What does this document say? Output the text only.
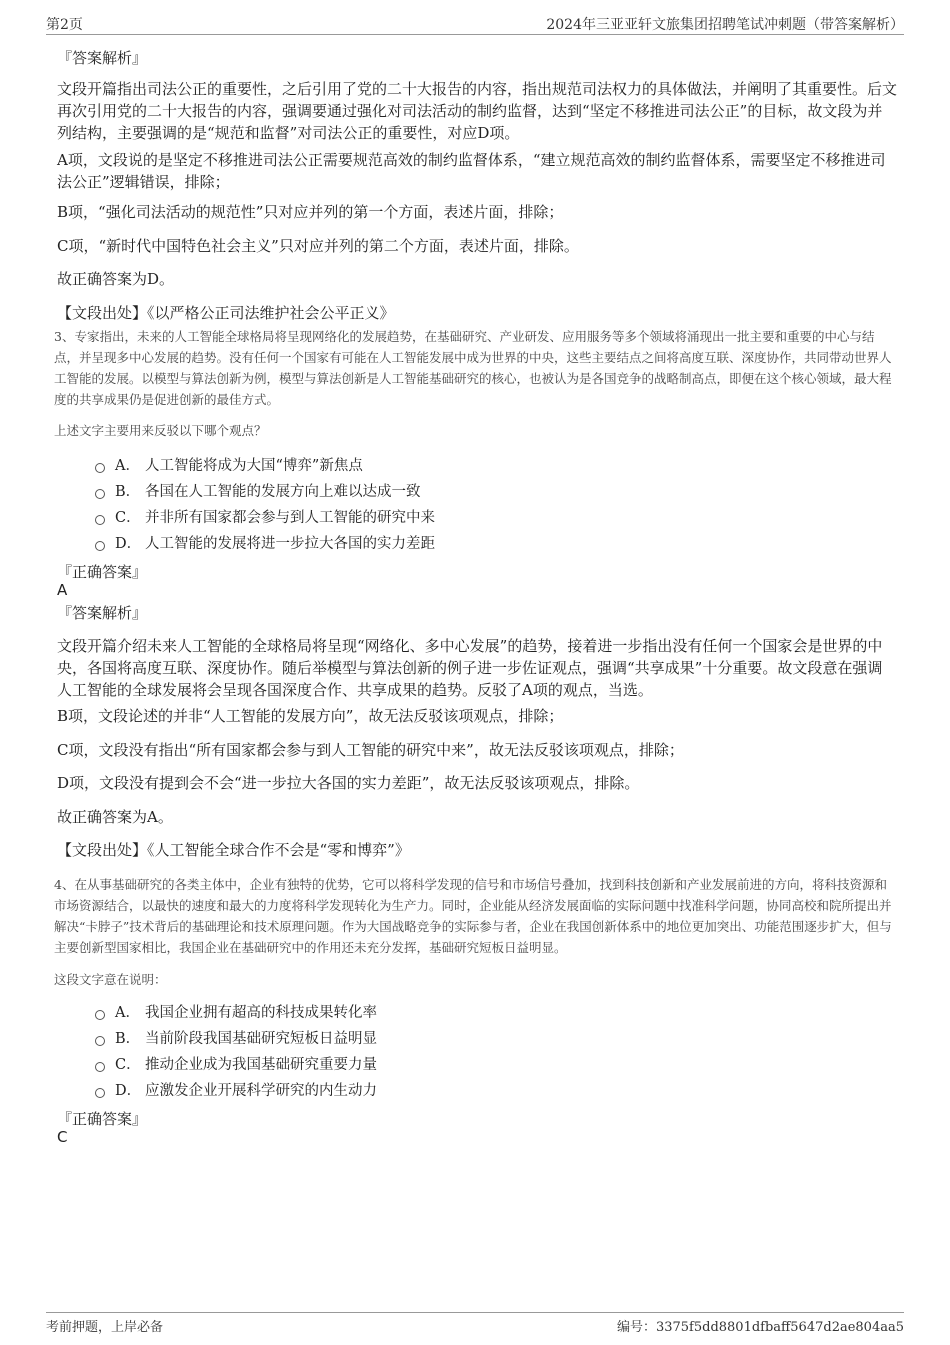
第2页	2024年三亚亚轩文旅集团招聘笔试冲刺题（带答案解析）
『答案解析』
文段开篇指出司法公正的重要性，之后引用了党的二十大报告的内容，指出规范司法权力的具体做法，并阐明了其重要性。后文再次引用党的二十大报告的内容，强调要通过强化对司法活动的制约监督，达到“坚定不移推进司法公正”的目标，故文段为并列结构，主要强调的是“规范和监督”对司法公正的重要性，对应D项。
A项，文段说的是坚定不移推进司法公正需要规范高效的制约监督体系，“建立规范高效的制约监督体系，需要坚定不移推进司法公正”逻辑错误，排除；
B项，“强化司法活动的规范性”只对应并列的第一个方面，表述片面，排除；
C项，“新时代中国特色社会主义”只对应并列的第二个方面，表述片面，排除。
故正确答案为D。
【文段出处】《以严格公正司法维护社会公平正义》
3、专家指出，未来的人工智能全球格局将呈现网络化的发展趋势，在基础研究、产业研发、应用服务等多个领域将涌现出一批主要和重要的中心与结点，并呈现多中心发展的趋势。没有任何一个国家有可能在人工智能发展中成为世界的中央，这些主要结点之间将高度互联、深度协作，共同带动世界人工智能的发展。以模型与算法创新为例，模型与算法创新是人工智能基础研究的核心，也被认为是各国竞争的战略制高点，即便在这个核心领域，最大程度的共享成果仍是促进创新的最佳方式。
上述文字主要用来反驳以下哪个观点？
A． 人工智能将成为大国“博弈”新焦点
B． 各国在人工智能的发展方向上难以达成一致
C． 并非所有国家都会参与到人工智能的研究中来
D． 人工智能的发展将进一步拉大各国的实力差距
『正确答案』
A
『答案解析』
文段开篇介绍未来人工智能的全球格局将呈现“网络化、多中心发展”的趋势，接着进一步指出没有任何一个国家会是世界的中央，各国将高度互联、深度协作。随后举模型与算法创新的例子进一步佐证观点，强调“共享成果”十分重要。故文段意在强调人工智能的全球发展将会呈现各国深度合作、共享成果的趋势。反驳了A项的观点，当选。
B项，文段论述的并非“人工智能的发展方向”，故无法反驳该项观点，排除；
C项，文段没有指出“所有国家都会参与到人工智能的研究中来”，故无法反驳该项观点，排除；
D项，文段没有提到会不会“进一步拉大各国的实力差距”，故无法反驳该项观点，排除。
故正确答案为A。
【文段出处】《人工智能全球合作不会是“零和博弈”》
4、在从事基础研究的各类主体中，企业有独特的优势，它可以将科学发现的信号和市场信号叠加，找到科技创新和产业发展前进的方向，将科技资源和市场资源结合，以最快的速度和最大的力度将科学发现转化为生产力。同时，企业能从经济发展面临的实际问题中找准科学问题，协同高校和院所提出并解决“卡脖子”技术背后的基础理论和技术原理问题。作为大国战略竞争的实际参与者，企业在我国创新体系中的地位更加突出、功能范围逐步扩大，但与主要创新型国家相比，我国企业在基础研究中的作用还未充分发挥，基础研究短板日益明显。
这段文字意在说明：
A． 我国企业拥有超高的科技成果转化率
B． 当前阶段我国基础研究短板日益明显
C． 推动企业成为我国基础研究重要力量
D． 应激发企业开展科学研究的内生动力
『正确答案』
C
考前押题，上岸必备	编号：3375f5dd8801dfbaff5647d2ae804aa5
